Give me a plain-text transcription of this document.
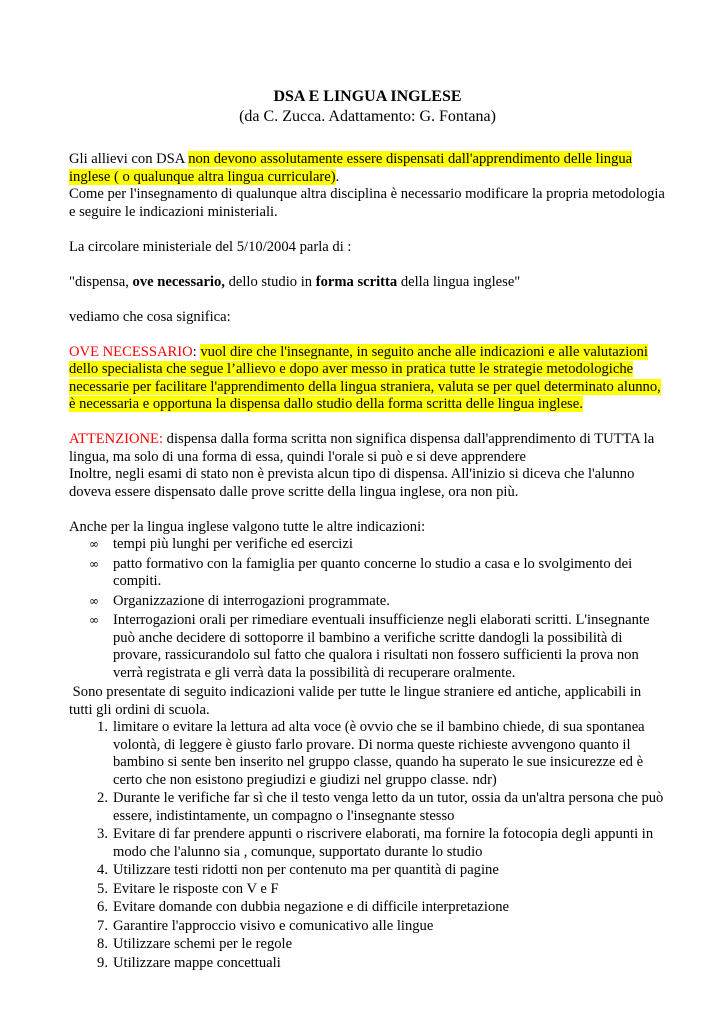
DSA E LINGUA INGLESE

(da C. Zucca. Adattamento: G. Fontana)

Gli allievi con DSA non devono assolutamente essere dispensati dall'apprendimento delle lingua inglese ( o qualunque altra lingua curriculare).

Come per l'insegnamento di qualunque altra disciplina è necessario modificare la propria metodologia e seguire le indicazioni ministeriali.

La circolare ministeriale del 5/10/2004 parla di :

"dispensa, ove necessario, dello studio in forma scritta della lingua inglese"

vediamo che cosa significa:

OVE NECESSARIO: vuol dire che l'insegnante, in seguito anche alle indicazioni e alle valutazioni dello specialista che segue l’allievo e dopo aver messo in pratica tutte le strategie metodologiche necessarie per facilitare l'apprendimento della lingua straniera, valuta se per quel determinato alunno, è necessaria e opportuna la dispensa dallo studio della forma scritta delle lingua inglese.

ATTENZIONE: dispensa dalla forma scritta non significa dispensa dall'apprendimento di TUTTA la lingua, ma solo di una forma di essa, quindi l'orale si può e si deve apprendere

Inoltre, negli esami di stato non è prevista alcun tipo di dispensa. All'inizio si diceva che l'alunno doveva essere dispensato dalle prove scritte della lingua inglese, ora non più.

Anche per la lingua inglese valgono tutte le altre indicazioni:

∞ tempi più lunghi per verifiche ed esercizi
∞ patto formativo con la famiglia per quanto concerne lo studio a casa e lo svolgimento dei compiti.
∞ Organizzazione di interrogazioni programmate.
∞ Interrogazioni orali per rimediare eventuali insufficienze negli elaborati scritti. L'insegnante può anche decidere di sottoporre il bambino a verifiche scritte dandogli la possibilità di provare, rassicurandolo sul fatto che qualora i risultati non fossero sufficienti la prova non verrà registrata e gli verrà data la possibilità di recuperare oralmente.

Sono presentate di seguito indicazioni valide per tutte le lingue straniere ed antiche, applicabili in tutti gli ordini di scuola.

1. limitare o evitare la lettura ad alta voce (è ovvio che se il bambino chiede, di sua spontanea volontà, di leggere è giusto farlo provare. Di norma queste richieste avvengono quanto il bambino si sente ben inserito nel gruppo classe, quando ha superato le sue insicurezze ed è certo che non esistono pregiudizi e giudizi nel gruppo classe. ndr)
2. Durante le verifiche far sì che il testo venga letto da un tutor, ossia da un'altra persona che può essere, indistintamente, un compagno o l'insegnante stesso
3. Evitare di far prendere appunti o riscrivere elaborati, ma fornire la fotocopia degli appunti in modo che l'alunno sia , comunque, supportato durante lo studio
4. Utilizzare testi ridotti non per contenuto ma per quantità di pagine
5. Evitare le risposte con V e F
6. Evitare domande con dubbia negazione e di difficile interpretazione
7. Garantire l'approccio visivo e comunicativo alle lingue
8. Utilizzare schemi per le regole
9. Utilizzare mappe concettuali
